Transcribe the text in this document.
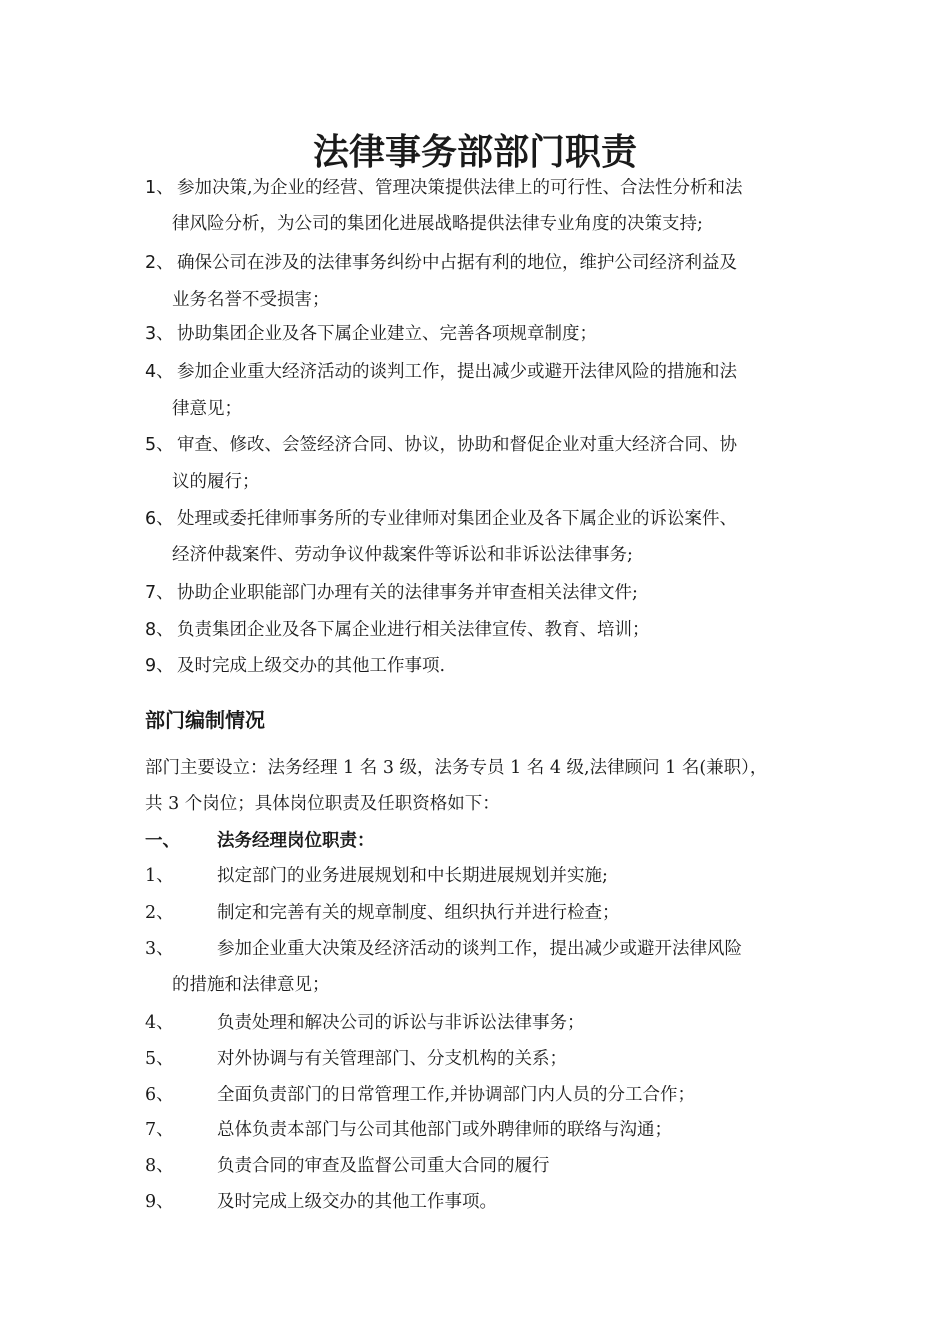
法律事务部部门职责
1、 参加决策,为企业的经营、管理决策提供法律上的可行性、合法性分析和法
律风险分析，为公司的集团化进展战略提供法律专业角度的决策支持;
2、 确保公司在涉及的法律事务纠纷中占据有利的地位，维护公司经济利益及
业务名誉不受损害；
3、 协助集团企业及各下属企业建立、完善各项规章制度；
4、 参加企业重大经济活动的谈判工作，提出减少或避开法律风险的措施和法
律意见；
5、 审查、修改、会签经济合同、协议，协助和督促企业对重大经济合同、协
议的履行；
6、 处理或委托律师事务所的专业律师对集团企业及各下属企业的诉讼案件、
经济仲裁案件、劳动争议仲裁案件等诉讼和非诉讼法律事务;
7、 协助企业职能部门办理有关的法律事务并审查相关法律文件;
8、 负责集团企业及各下属企业进行相关法律宣传、教育、培训；
9、 及时完成上级交办的其他工作事项.
部门编制情况
部门主要设立：法务经理 1 名 3 级，法务专员 1 名 4 级,法律顾问 1 名(兼职），
共 3 个岗位；具体岗位职责及任职资格如下：
一、 法务经理岗位职责：
1、 拟定部门的业务进展规划和中长期进展规划并实施;
2、 制定和完善有关的规章制度、组织执行并进行检查；
3、 参加企业重大决策及经济活动的谈判工作，提出减少或避开法律风险
的措施和法律意见；
4、 负责处理和解决公司的诉讼与非诉讼法律事务；
5、 对外协调与有关管理部门、分支机构的关系；
6、 全面负责部门的日常管理工作,并协调部门内人员的分工合作；
7、 总体负责本部门与公司其他部门或外聘律师的联络与沟通；
8、 负责合同的审查及监督公司重大合同的履行
9、 及时完成上级交办的其他工作事项。
